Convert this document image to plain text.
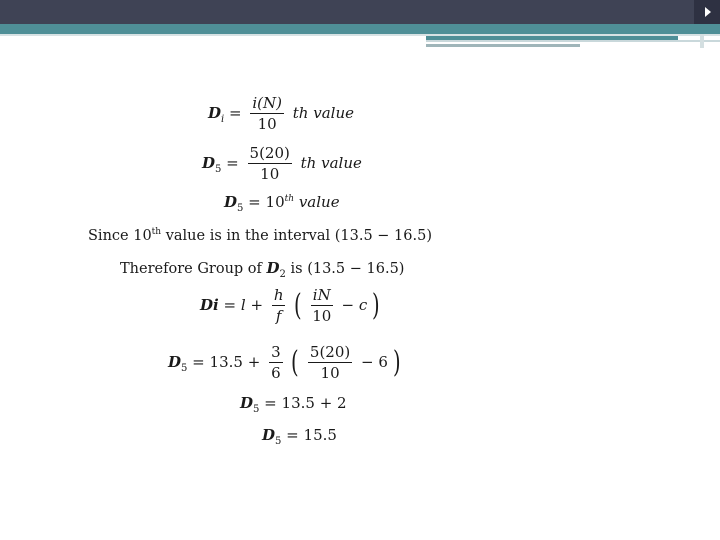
$D_i = \frac{i(N)}{10}$ th value
$D_5 = \frac{5(20)}{10}$ th value
$D_5 = 10th$ value
Since 10th value is in the interval (13.5 − 16.5)
Therefore Group of $D_2$ is (13.5 − 16.5)
$Di = l + \frac{h}{f}$ ( $\frac{iN}{10} - c$ )
$D_5 = 13.5 + \frac{3}{6}$ ( $\frac{5(20)}{10} - 6$ )
$D_5 = 13.5 + 2$
$D_5 = 15.5$
